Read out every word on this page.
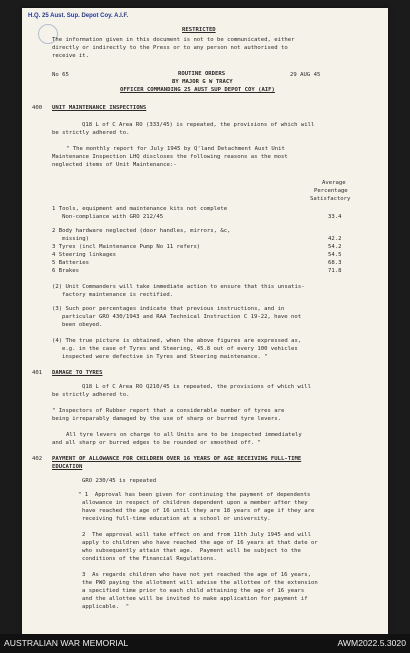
H.Q. 25 Aust. Sup. Depot Coy. A.I.F.
RESTRICTED
The information given in this document is not to be communicated, either
directly or indirectly to the Press or to any person not authorised to
receive it.
No 65	ROUTINE ORDERS	29 AUG 45
BY MAJOR G W TRACY
OFFICER COMMANDING 25 AUST SUP DEPOT COY (AIF)
400 UNIT MAINTENANCE INSPECTIONS
Q18 L of C Area RO (333/45) is repeated, the provisions of which will
be strictly adhered to.
" The monthly report for July 1945 by Q'land Detachment Aust Unit
Maintenance Inspection LHQ discloses the following reasons as the most
neglected items of Unit Maintenance:-
Average
Percentage
Satisfactory
1 Tools, equipment and maintenance kits not complete
Non-compliance with GRO 212/45	33.4
2 Body hardware neglected (door handles, mirrors, &c,
missing)	42.2
3 Tyres (incl Maintenance Pump No 11 refers)	54.2
4 Steering linkages	54.5
5 Batteries	68.3
6 Brakes	71.8
(2) Unit Commanders will take immediate action to ensure that this unsatis-
factory maintenance is rectified.
(3) Such poor percentages indicate that previous instructions, and in
particular GRO 430/1943 and RAA Technical Instruction C 19-22, have not
been obeyed.
(4) The true picture is obtained, when the above figures are expressed as,
e.g. in the case of Tyres and Steering, 45.8 out of every 100 vehicles
inspected were defective in Tyres and Steering maintenance. "
401 DAMAGE TO TYRES
Q18 L of C Area RO Q210/45 is repeated, the provisions of which will
be strictly adhered to.
" Inspectors of Rubber report that a considerable number of tyres are
being irreparably damaged by the use of sharp or burred tyre levers.
All tyre levers on charge to all Units are to be inspected immediately
and all sharp or burred edges to be rounded or smoothed off. "
402 PAYMENT OF ALLOWANCE FOR CHILDREN OVER 16 YEARS OF AGE RECEIVING FULL-TIME
EDUCATION
GRO 230/45 is repeated
" 1  Approval has been given for continuing the payment of dependents
allowance in respect of children dependent upon a member after they
have reached the age of 16 until they are 18 years of age if they are
receiving full-time education at a school or university.
2  The approval will take effect on and from 11th July 1945 and will
apply to children who have reached the age of 16 years at that date or
who subsequently attain that age.  Payment will be subject to the
conditions of the Financial Regulations.
3  As regards children who have not yet reached the age of 16 years,
the PWO paying the allotment will advise the allottee of the extension
a specified time prior to each child attaining the age of 16 years
and the allottee will be invited to make application for payment if
applicable.  "
AUSTRALIAN WAR MEMORIAL	AWM2022.5.3020
